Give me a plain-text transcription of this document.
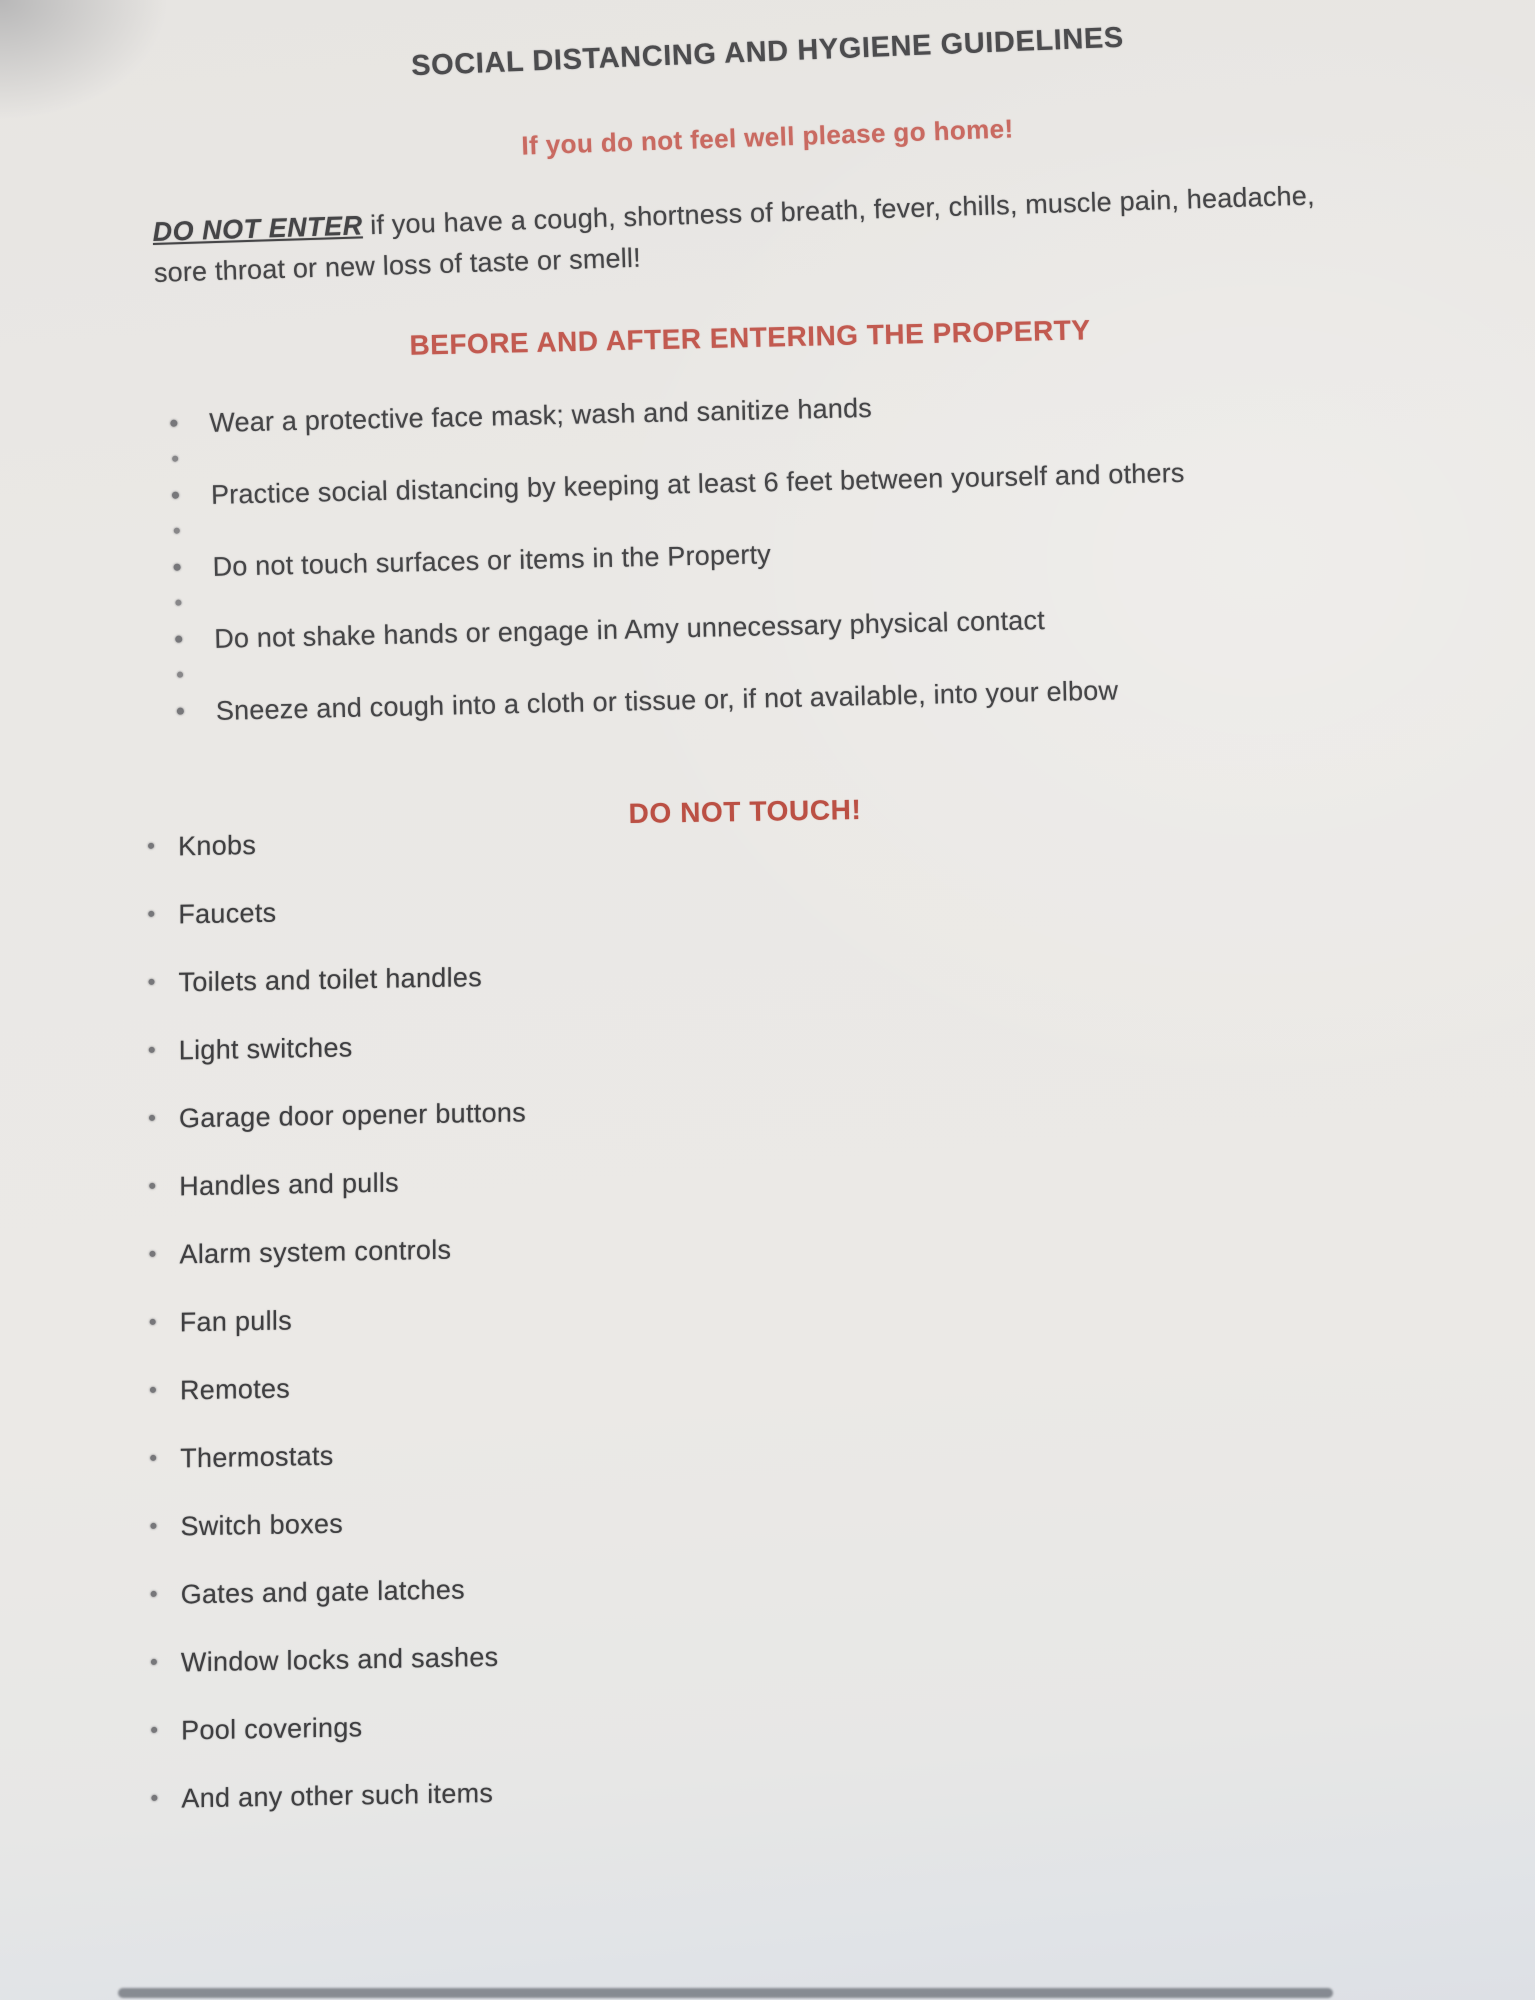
SOCIAL DISTANCING AND HYGIENE GUIDELINES
If you do not feel well please go home!
DO NOT ENTER if you have a cough, shortness of breath, fever, chills, muscle pain, headache, sore throat or new loss of taste or smell!
BEFORE AND AFTER ENTERING THE PROPERTY
Wear a protective face mask; wash and sanitize hands
Practice social distancing by keeping at least 6 feet between yourself and others
Do not touch surfaces or items in the Property
Do not shake hands or engage in Amy unnecessary physical contact
Sneeze and cough into a cloth or tissue or, if not available, into your elbow
DO NOT TOUCH!
Knobs
Faucets
Toilets and toilet handles
Light switches
Garage door opener buttons
Handles and pulls
Alarm system controls
Fan pulls
Remotes
Thermostats
Switch boxes
Gates and gate latches
Window locks and sashes
Pool coverings
And any other such items
